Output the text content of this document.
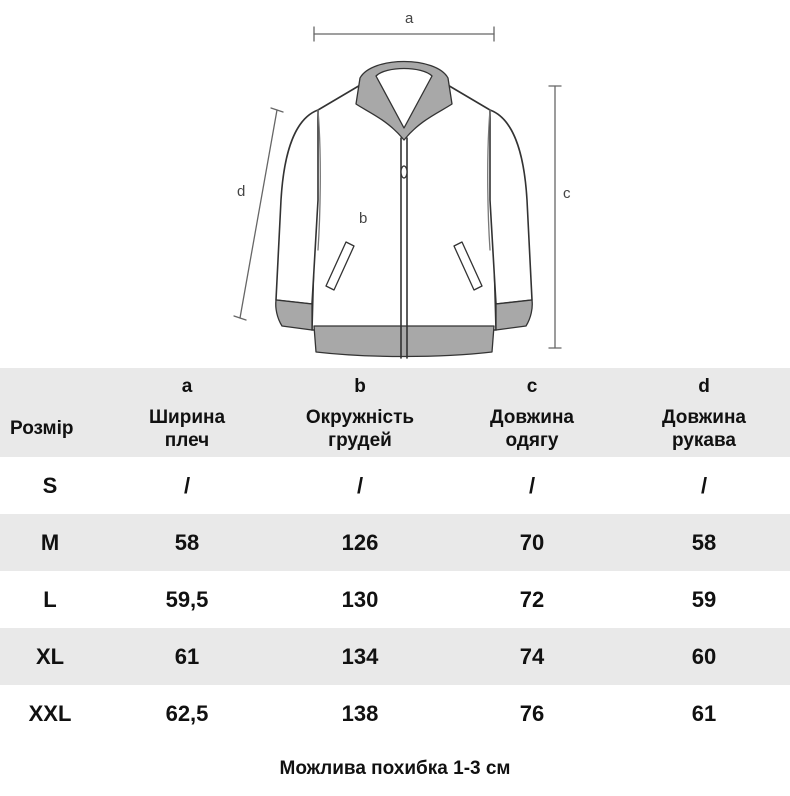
a
b
c
d
	a	b	c	d
Розмір	Ширина плеч	Окружність грудей	Довжина одягу	Довжина рукава
S	/	/	/	/
M	58	126	70	58
L	59,5	130	72	59
XL	61	134	74	60
XXL	62,5	138	76	61
Можлива похибка 1-3 см
